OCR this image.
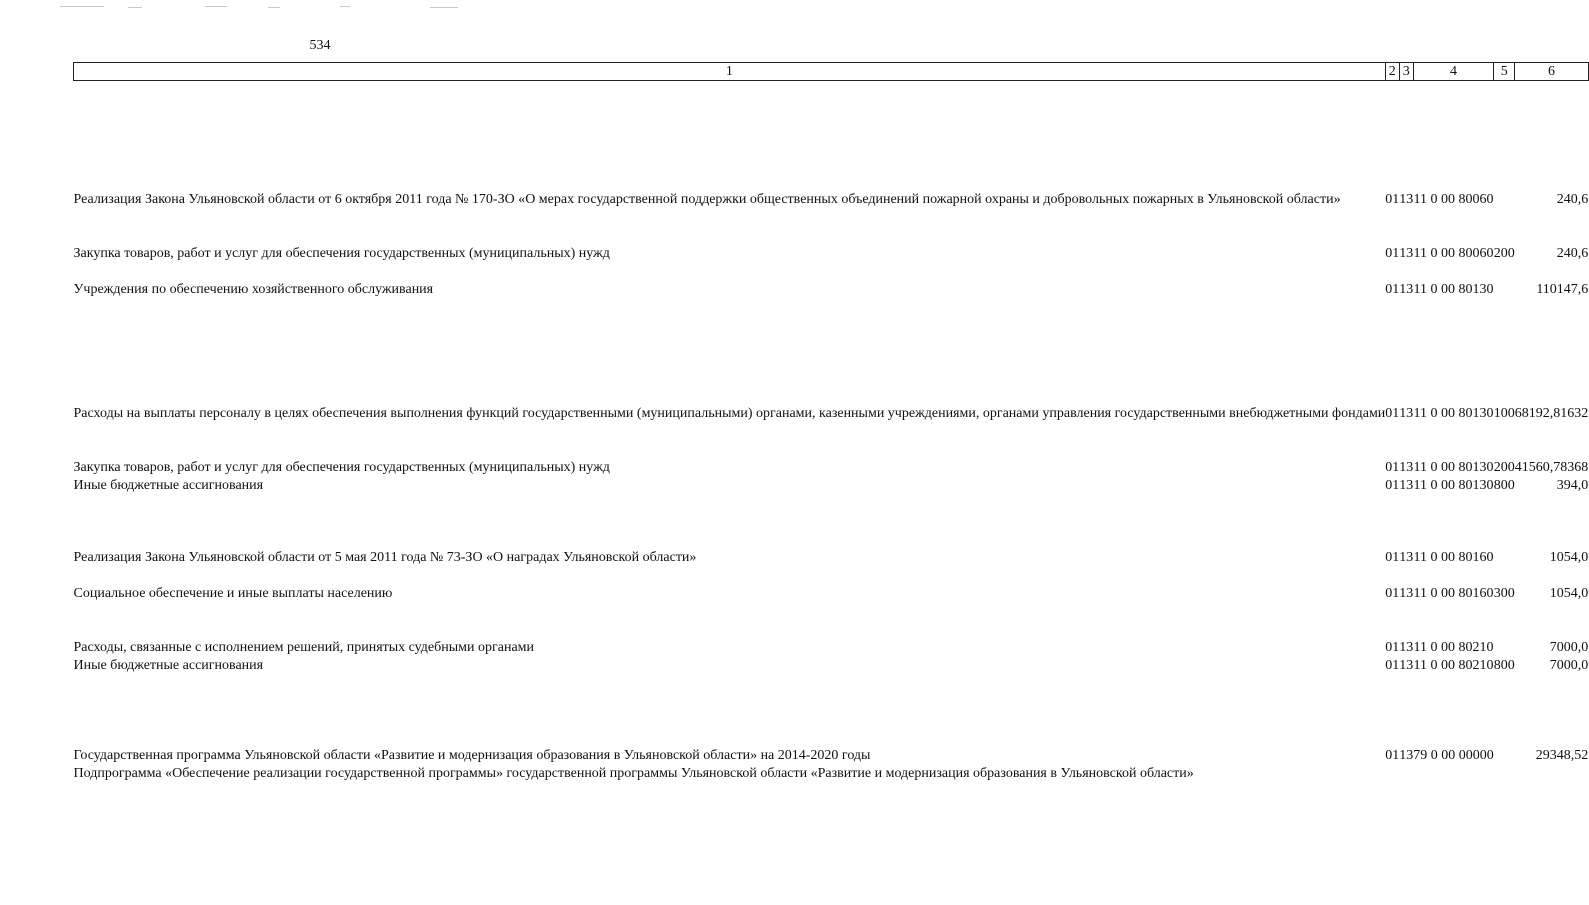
534
1	2	3	4	5	6
Реализация Закона Ульяновской области от 6 октября 2011 года № 170-ЗО «О мерах государственной поддержки общественных объединений пожарной охраны и добровольных пожарных в Ульяновской области»	01	13	11 0 00 80060		240,6
Закупка товаров, работ и услуг для обеспечения государственных (муниципальных) нужд	01	13	11 0 00 80060	200	240,6
Учреждения по обеспечению хозяйственного обслуживания	01	13	11 0 00 80130		110147,6
Расходы на выплаты персоналу в целях обеспечения выполнения функций государственными (муниципальными) органами, казенными учреждениями, органами управления государственными внебюджетными фондами	01	13	11 0 00 80130	100	68192,81632
Закупка товаров, работ и услуг для обеспечения государственных (муниципальных) нужд	01	13	11 0 00 80130	200	41560,78368
Иные бюджетные ассигнования	01	13	11 0 00 80130	800	394,0
Реализация Закона Ульяновской области от 5 мая 2011 года № 73-ЗО «О наградах Ульяновской области»	01	13	11 0 00 80160		1054,0
Социальное обеспечение и иные выплаты населению	01	13	11 0 00 80160	300	1054,0
Расходы, связанные с исполнением решений, принятых судебными органами	01	13	11 0 00 80210		7000,0
Иные бюджетные ассигнования	01	13	11 0 00 80210	800	7000,0
Государственная программа Ульяновской области «Развитие и модернизация образования в Ульяновской области» на 2014-2020 годы	01	13	79 0 00 00000		29348,52
Подпрограмма «Обеспечение реализации государственной программы» государственной программы Ульяновской области «Развитие и модернизация образования в Ульяновской области»					
